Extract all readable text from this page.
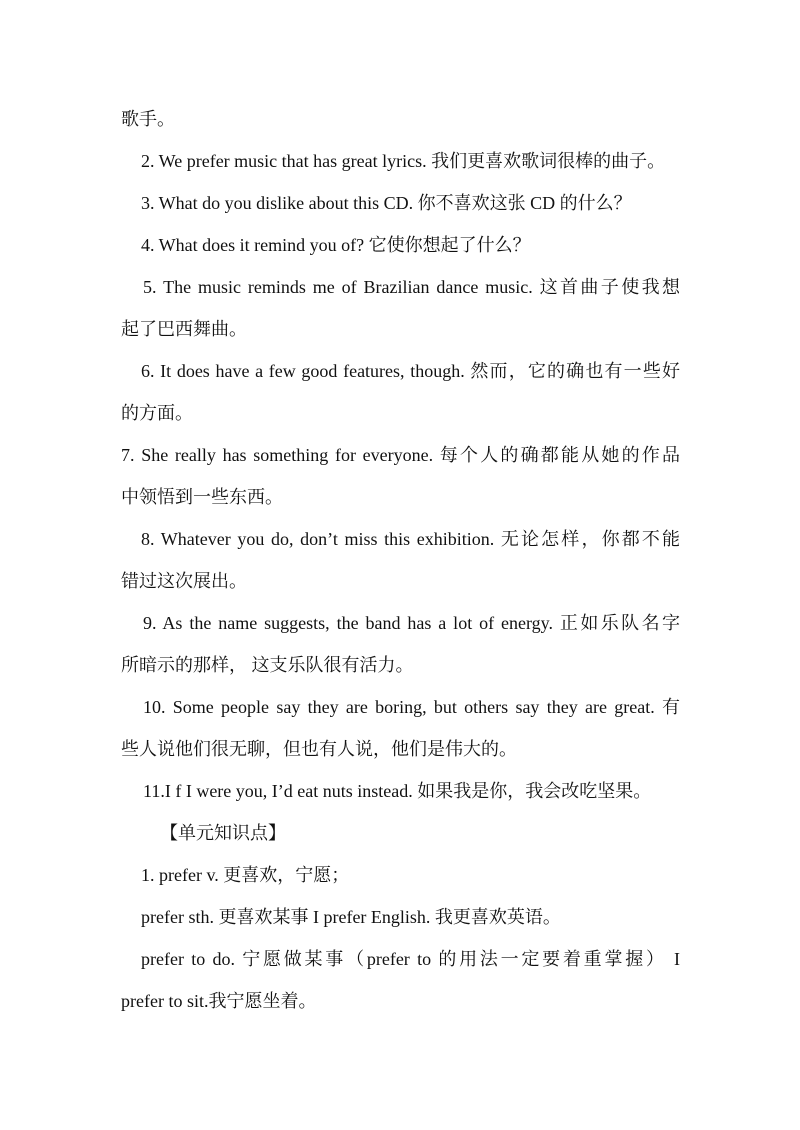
歌手。
2. We prefer music that has great lyrics. 我们更喜欢歌词很棒的曲子。
3. What do you dislike about this CD. 你不喜欢这张 CD 的什么？
4. What does it remind you of? 它使你想起了什么？
5. The music reminds me of Brazilian dance music. 这首曲子使我想
起了巴西舞曲。
6. It does have a few good features, though. 然而，它的确也有一些好
的方面。
7. She really has something for everyone. 每个人的确都能从她的作品
中领悟到一些东西。
8. Whatever you do, don’t miss this exhibition. 无论怎样，你都不能
错过这次展出。
9. As the name suggests, the band has a lot of energy. 正如乐队名字
所暗示的那样， 这支乐队很有活力。
10. Some people say they are boring, but others say they are great. 有
些人说他们很无聊，但也有人说，他们是伟大的。
11.I f I were you, I’d eat nuts instead. 如果我是你，我会改吃坚果。
【单元知识点】
1. prefer v. 更喜欢，宁愿；
prefer sth. 更喜欢某事 I prefer English. 我更喜欢英语。
prefer to do. 宁愿做某事（prefer to 的用法一定要着重掌握） I
prefer to sit.我宁愿坐着。
